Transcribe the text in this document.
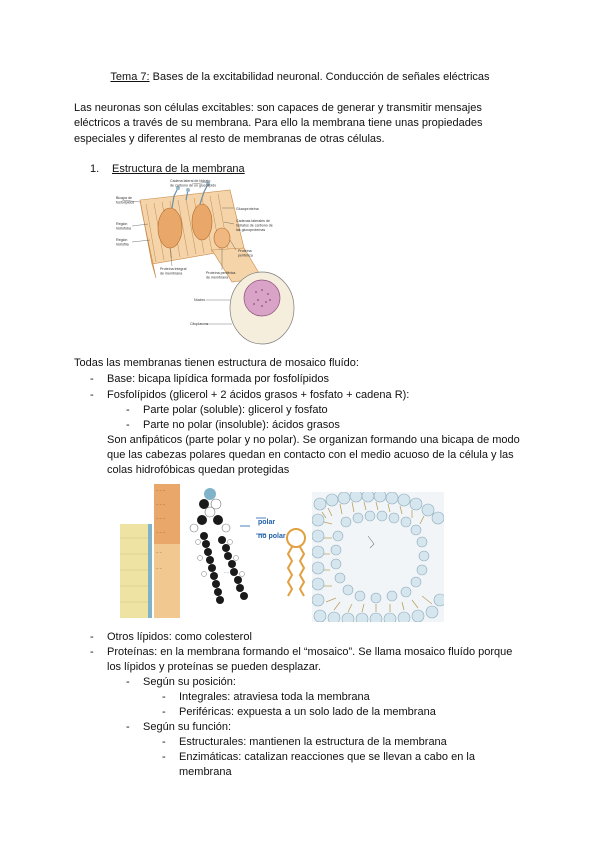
Tema 7: Bases de la excitabilidad neuronal. Conducción de señales eléctricas
Las neuronas son células excitables: son capaces de generar y transmitir mensajes
eléctricos a través de su membrana. Para ello la membrana tiene unas propiedades
especiales y diferentes al resto de membranas de otras células.
1. Estructura de la membrana
Cadena lateral de hidrato
de carbono de un glucolípido
Bicapa de
fosfolípidos
Glucoproteína
Cadenas laterales de
hidratos de carbono de
las glucoproteínas
Región
hidrófoba
Región
hidrófila
Proteína
periférica
Proteína integral
de membrana	Proteína periférica
de membrana
Núcleo
Citoplasma
Todas las membranas tienen estructura de mosaico fluído:
- Base: bicapa lipídica formada por fosfolípidos
- Fosfolípidos (glicerol + 2 ácidos grasos + fosfato + cadena R):
- Parte polar (soluble): glicerol y fosfato
- Parte no polar (insoluble): ácidos grasos
Son anfipáticos (parte polar y no polar). Se organizan formando una bicapa de modo
que las cabezas polares quedan en contacto con el medio acuoso de la célula y las
colas hidrofóbicas quedan protegidas
~ ~ ~
~ ~ ~
~ ~ ~
~ ~ ~
~ ~
~ ~
polar
no polar
~ ~
- Otros lípidos: como colesterol
- Proteínas: en la membrana formando el “mosaico”. Se llama mosaico fluído porque
los lípidos y proteínas se pueden desplazar.
- Según su posición:
- Integrales: atraviesa toda la membrana
- Periféricas: expuesta a un solo lado de la membrana
- Según su función:
- Estructurales: mantienen la estructura de la membrana
- Enzimáticas: catalizan reacciones que se llevan a cabo en la
membrana
